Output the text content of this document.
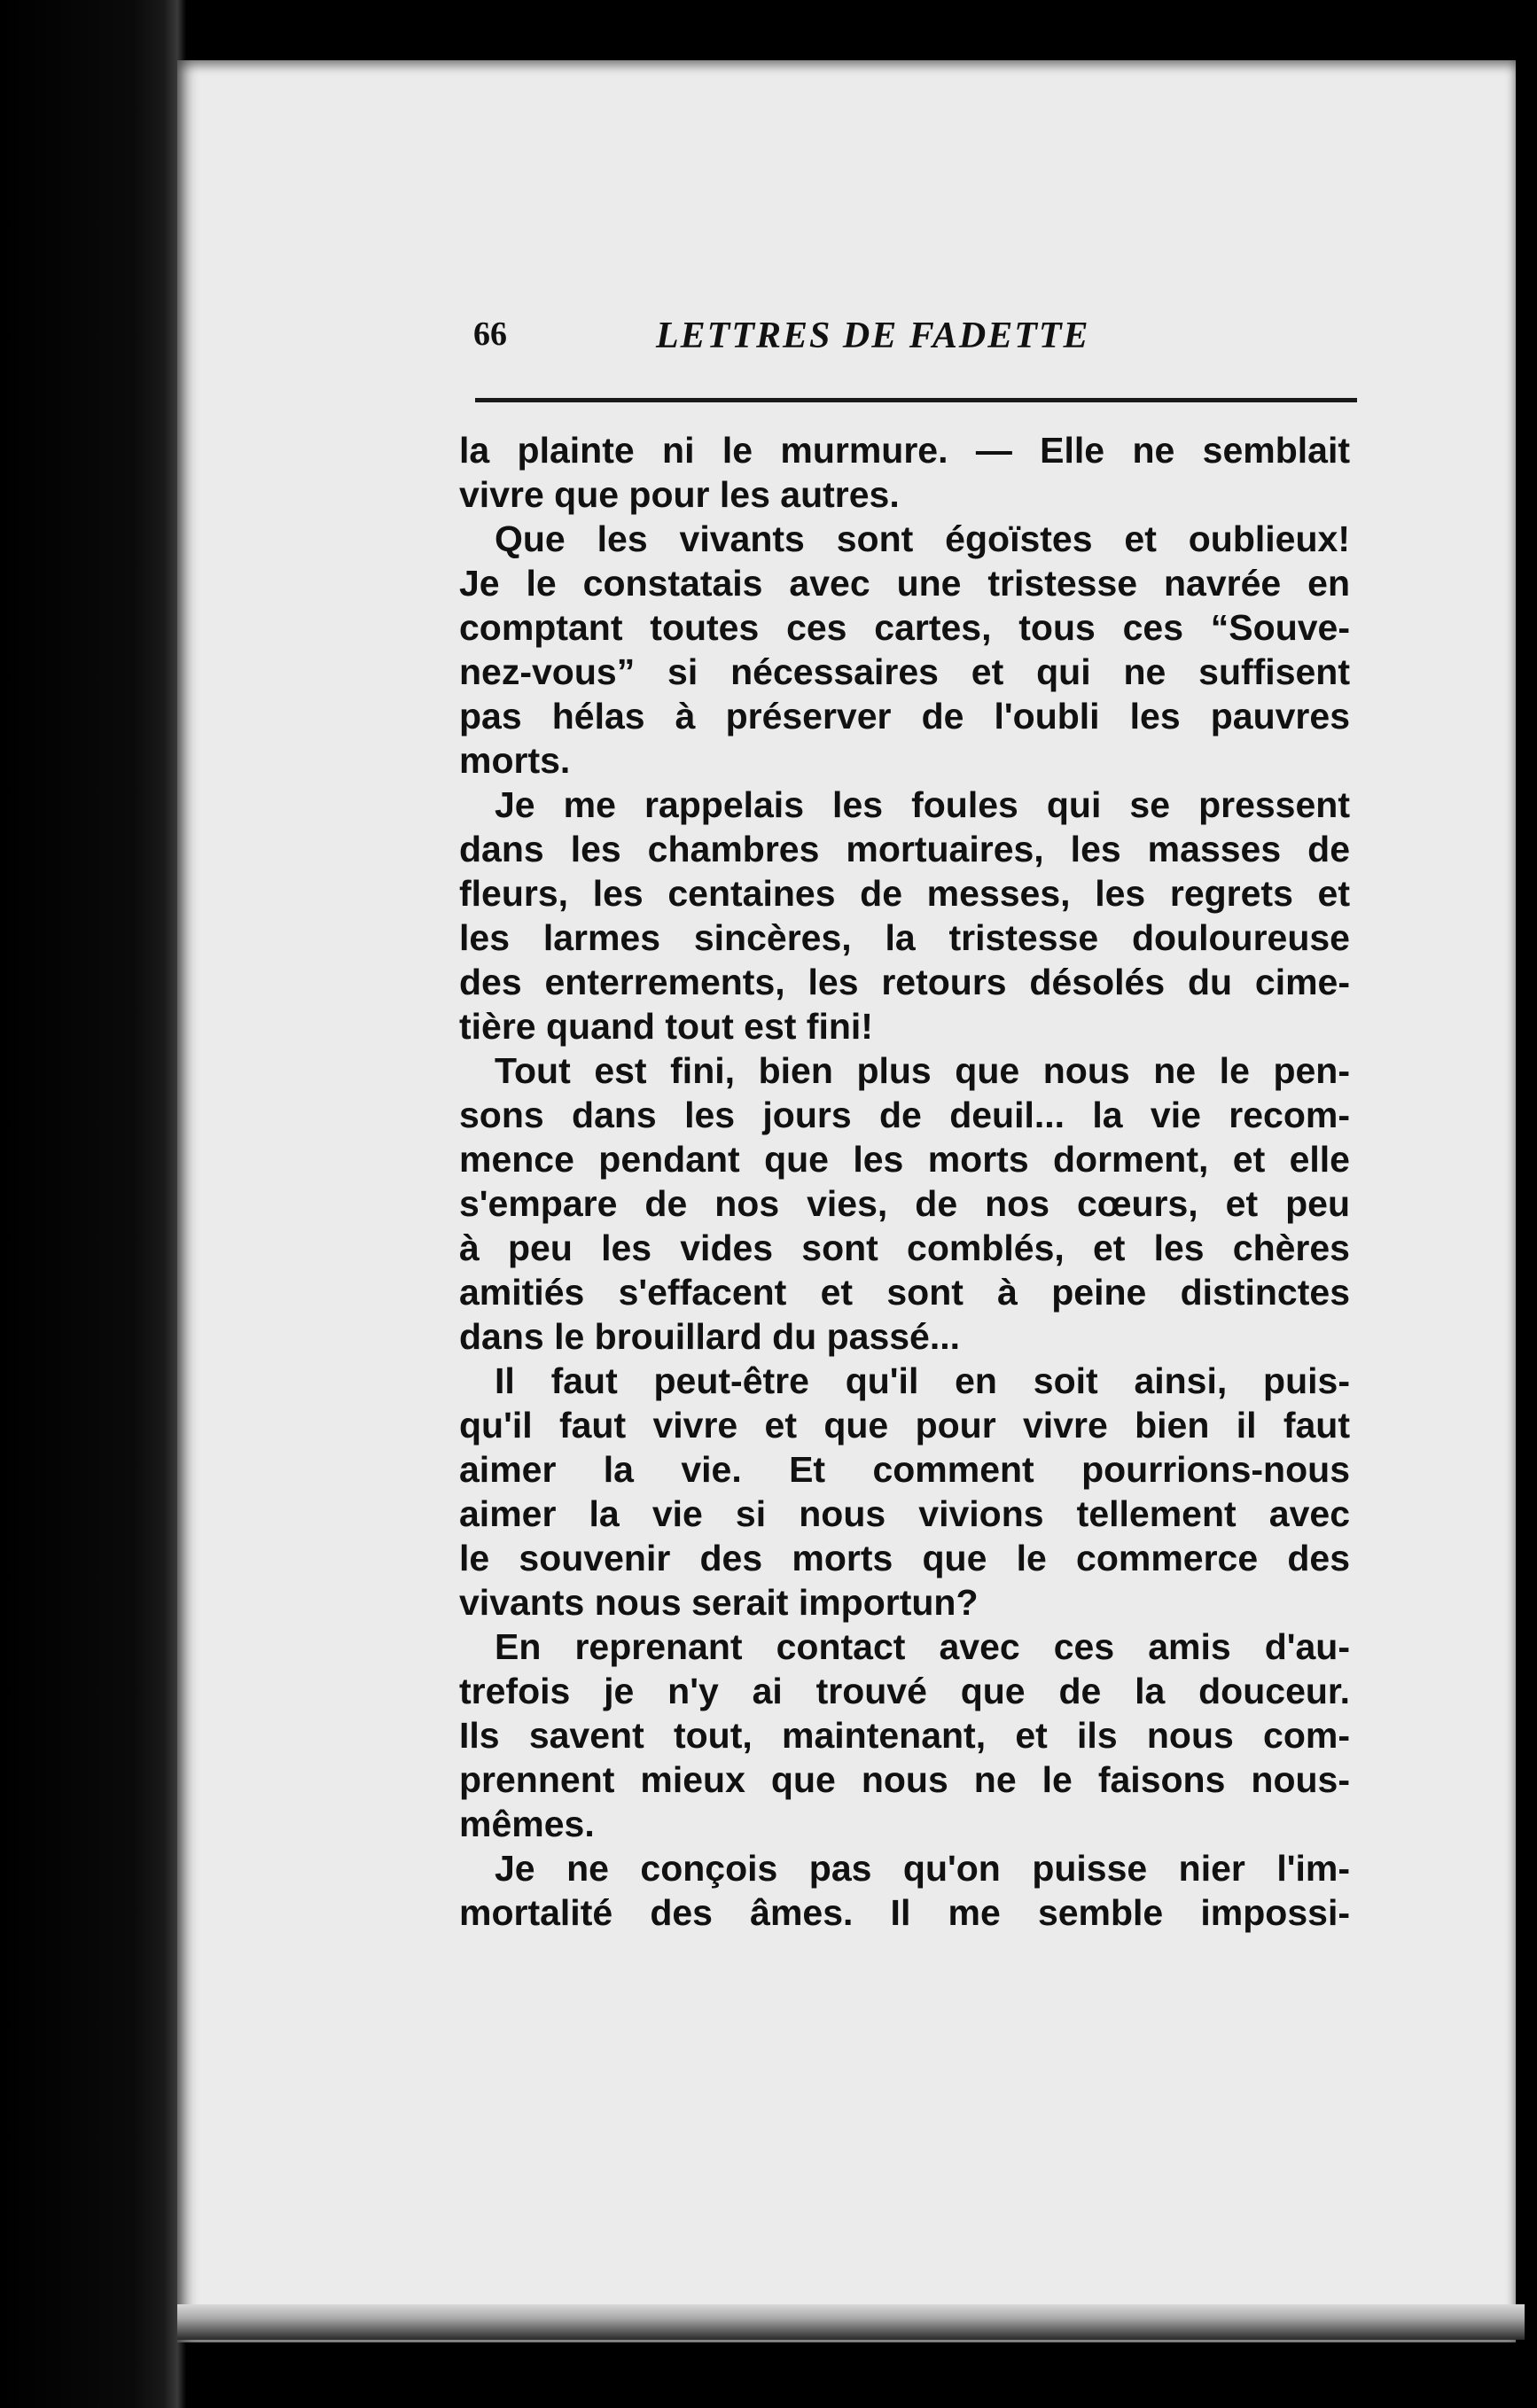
66	LETTRES DE FADETTE
la plainte ni le murmure. — Elle ne semblait
vivre que pour les autres.
Que les vivants sont égoïstes et oublieux!
Je le constatais avec une tristesse navrée en
comptant toutes ces cartes, tous ces “Souve-
nez-vous” si nécessaires et qui ne suffisent
pas hélas à préserver de l'oubli les pauvres
morts.
Je me rappelais les foules qui se pressent
dans les chambres mortuaires, les masses de
fleurs, les centaines de messes, les regrets et
les larmes sincères, la tristesse douloureuse
des enterrements, les retours désolés du cime-
tière quand tout est fini!
Tout est fini, bien plus que nous ne le pen-
sons dans les jours de deuil... la vie recom-
mence pendant que les morts dorment, et elle
s'empare de nos vies, de nos cœurs, et peu
à peu les vides sont comblés, et les chères
amitiés s'effacent et sont à peine distinctes
dans le brouillard du passé...
Il faut peut-être qu'il en soit ainsi, puis-
qu'il faut vivre et que pour vivre bien il faut
aimer la vie. Et comment pourrions-nous
aimer la vie si nous vivions tellement avec
le souvenir des morts que le commerce des
vivants nous serait importun?
En reprenant contact avec ces amis d'au-
trefois je n'y ai trouvé que de la douceur.
Ils savent tout, maintenant, et ils nous com-
prennent mieux que nous ne le faisons nous-
mêmes.
Je ne conçois pas qu'on puisse nier l'im-
mortalité des âmes. Il me semble impossi-
